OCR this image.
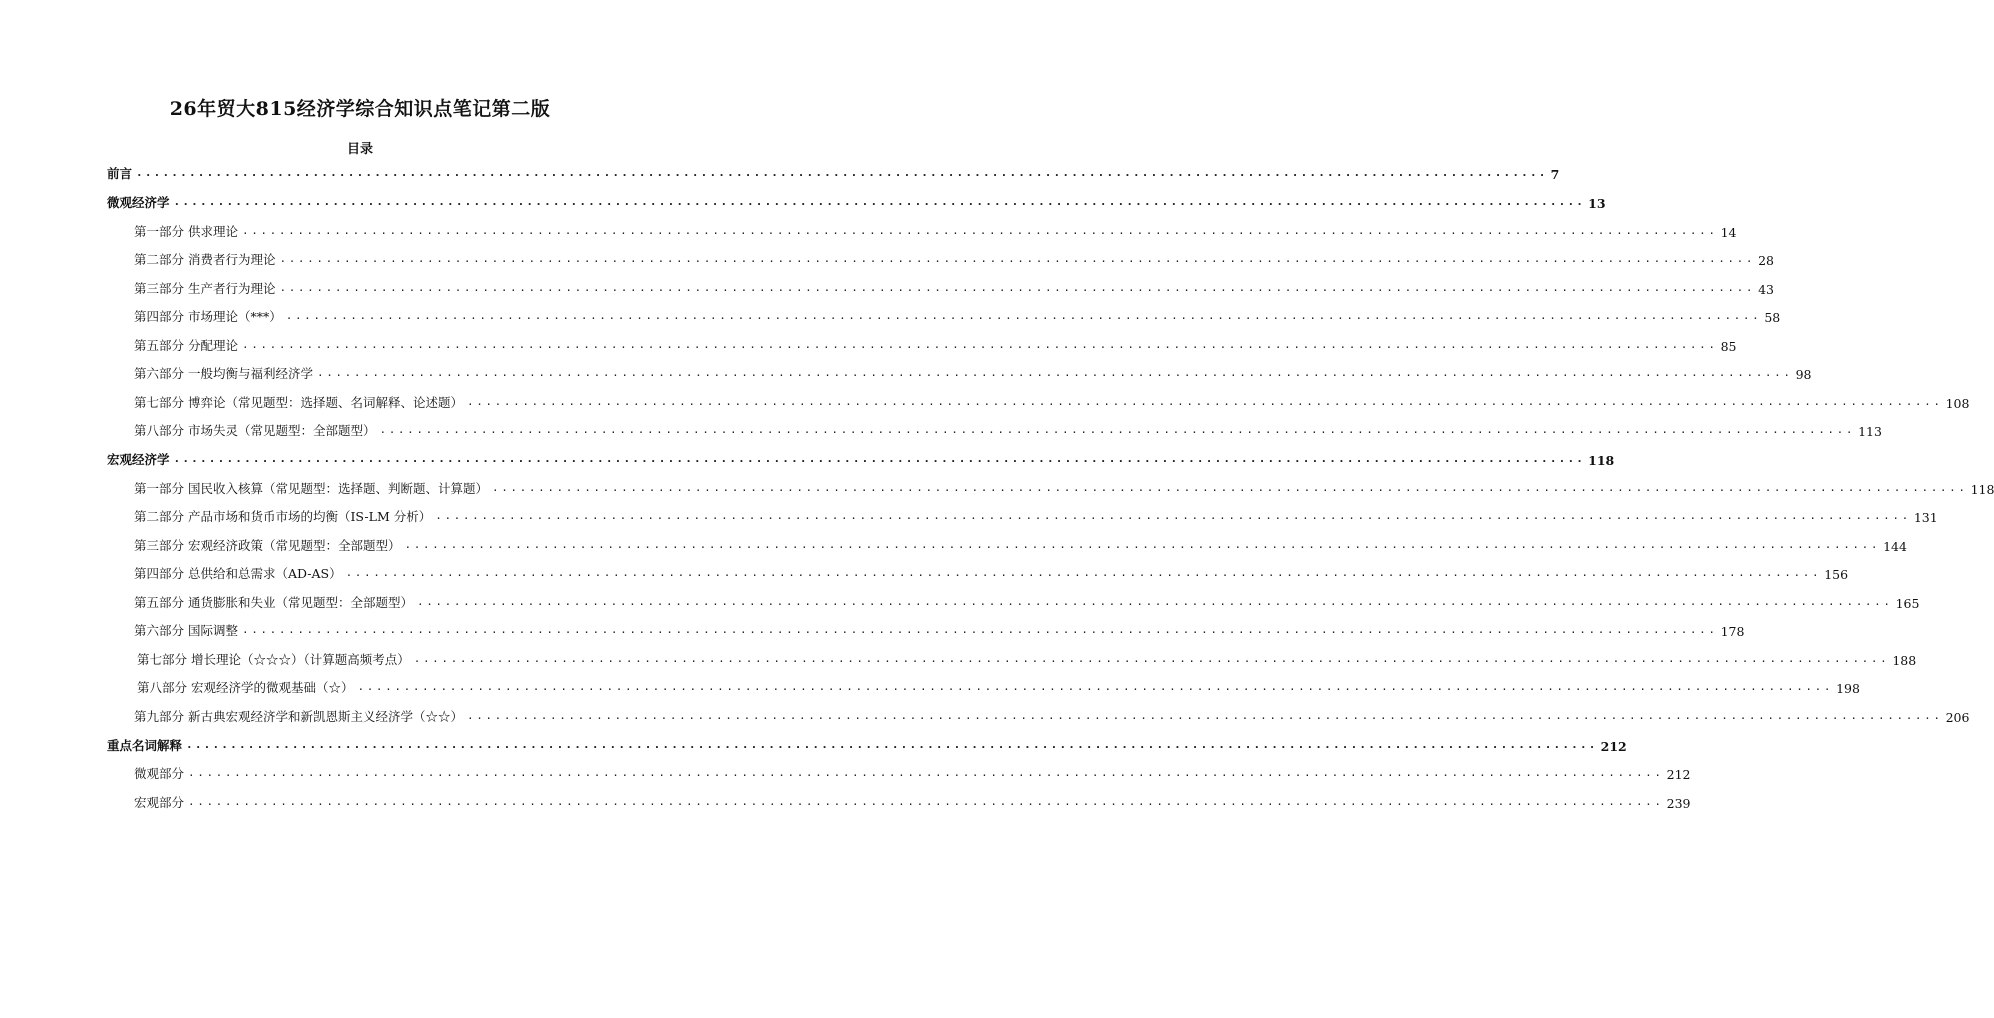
26年贸大815经济学综合知识点笔记第二版
目录
前言 ................................................................................................................................................................ 7
微观经济学 ................................................................................................................................................................ 13
第一部分 供求理论 ................................................................................................................................................................ 14
第二部分 消费者行为理论 ................................................................................................................................................................ 28
第三部分 生产者行为理论 ................................................................................................................................................................ 43
第四部分 市场理论（***） ................................................................................................................................................................ 58
第五部分 分配理论 ................................................................................................................................................................ 85
第六部分 一般均衡与福利经济学 ................................................................................................................................................................ 98
第七部分 博弈论（常见题型：选择题、名词解释、论述题） ................................................................................................................................................................ 108
第八部分 市场失灵（常见题型：全部题型） ................................................................................................................................................................ 113
宏观经济学 ................................................................................................................................................................ 118
第一部分 国民收入核算（常见题型：选择题、判断题、计算题） ................................................................................................................................................................ 118
第二部分 产品市场和货币市场的均衡（IS-LM 分析） ................................................................................................................................................................ 131
第三部分 宏观经济政策（常见题型：全部题型） ................................................................................................................................................................ 144
第四部分 总供给和总需求（AD-AS） ................................................................................................................................................................ 156
第五部分 通货膨胀和失业（常见题型：全部题型） ................................................................................................................................................................ 165
第六部分 国际调整 ................................................................................................................................................................ 178
第七部分 增长理论（☆☆☆）（计算题高频考点） ................................................................................................................................................................ 188
第八部分 宏观经济学的微观基础（☆） ................................................................................................................................................................ 198
第九部分 新古典宏观经济学和新凯恩斯主义经济学（☆☆） ................................................................................................................................................................ 206
重点名词解释 ................................................................................................................................................................ 212
微观部分 ................................................................................................................................................................ 212
宏观部分 ................................................................................................................................................................ 239
